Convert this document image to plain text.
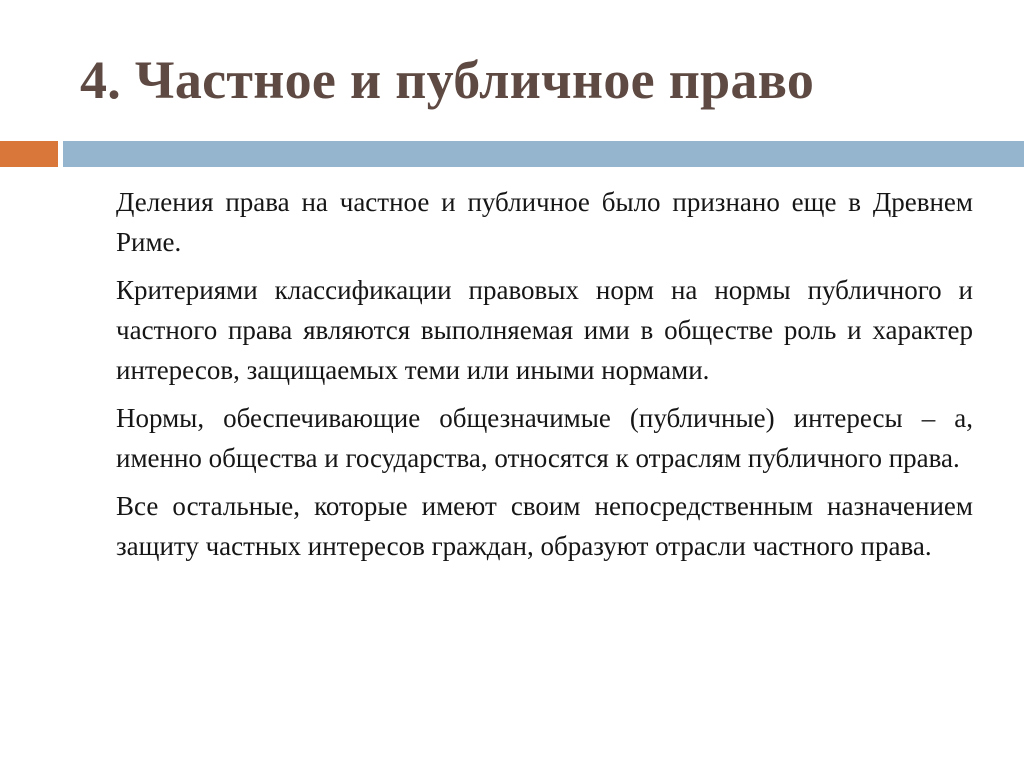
4. Частное и публичное право

Деления права на частное и публичное было признано еще в Древнем Риме.

Критериями классификации правовых норм на нормы публичного и частного права являются выполняемая ими в обществе роль и характер интересов, защищаемых теми или иными нормами.

Нормы, обеспечивающие общезначимые (публичные) интересы – а, именно общества и государства, относятся к отраслям публичного права.

Все остальные, которые имеют своим непосредственным назначением защиту частных интересов граждан, образуют отрасли частного права.
